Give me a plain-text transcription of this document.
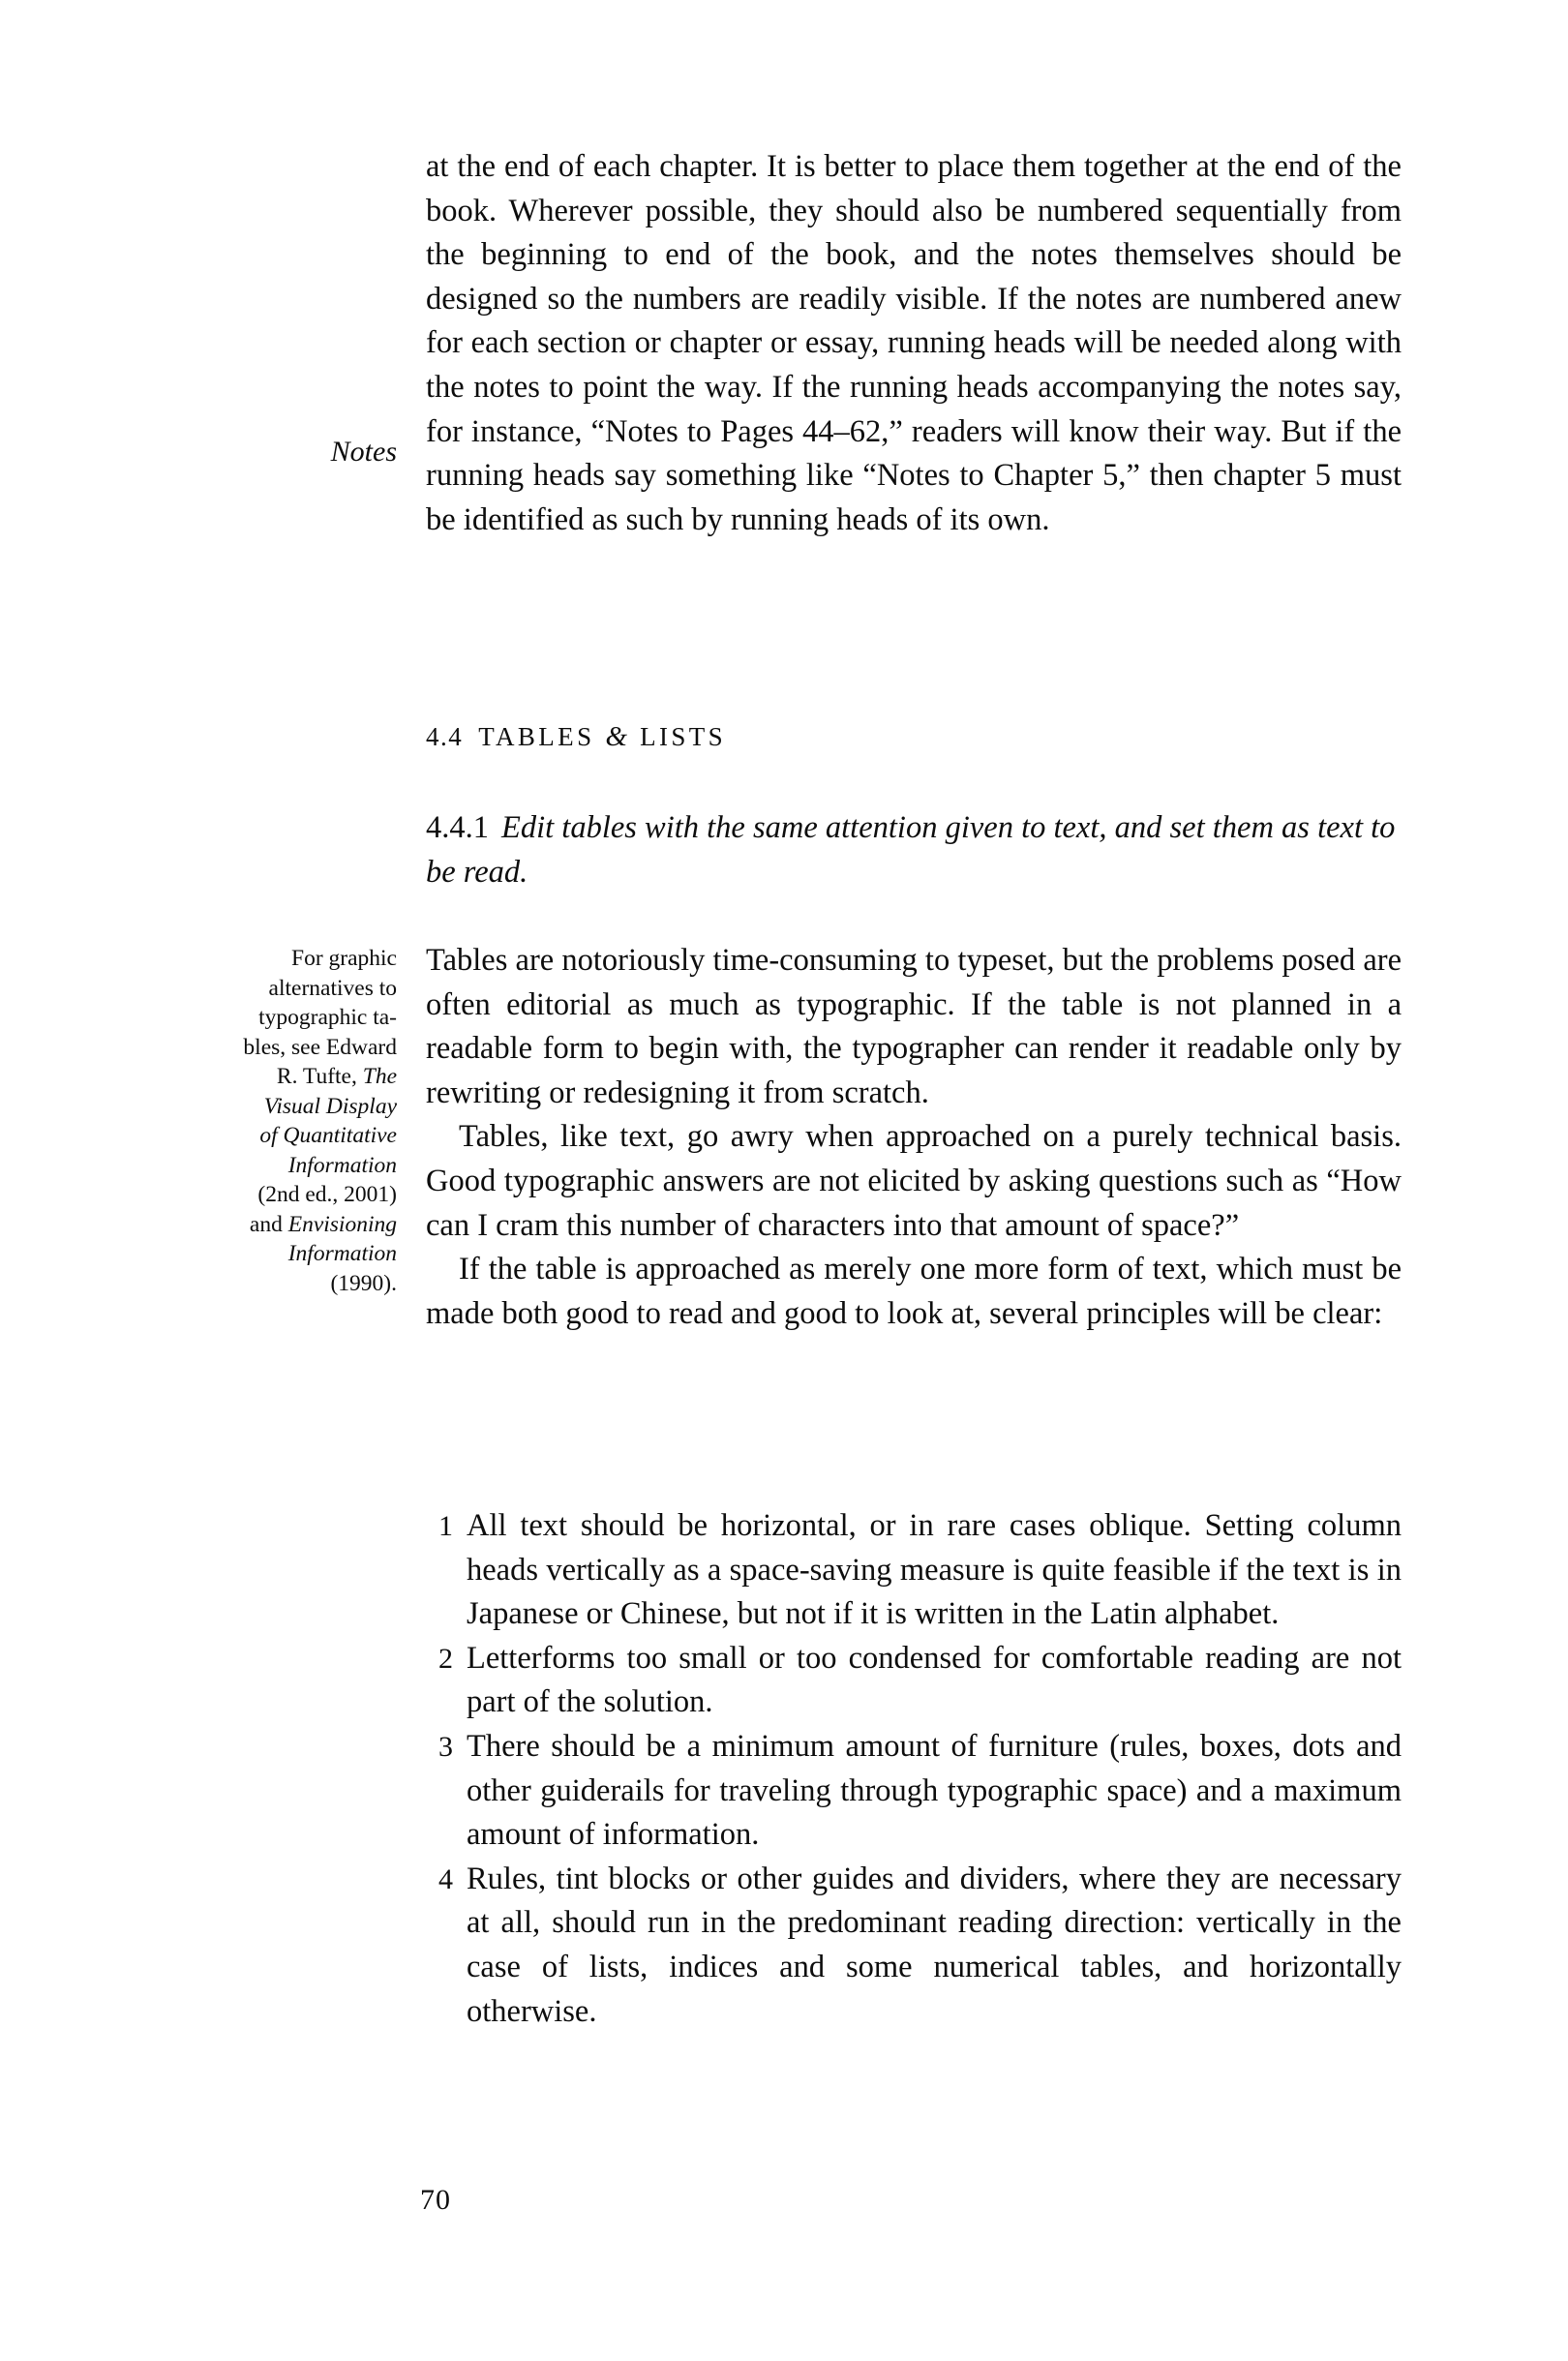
Notes

at the end of each chapter. It is better to place them together at the end of the book. Wherever possible, they should also be numbered sequentially from the beginning to end of the book, and the notes themselves should be designed so the numbers are readily visible. If the notes are numbered anew for each section or chapter or essay, running heads will be needed along with the notes to point the way. If the running heads accompanying the notes say, for instance, “Notes to Pages 44–62,” readers will know their way. But if the running heads say something like “Notes to Chapter 5,” then chapter 5 must be identified as such by running heads of its own.

4.4 TABLES & LISTS
4.4.1 Edit tables with the same attention given to text, and set them as text to be read.

For graphic

alternatives to

typographic ta-

bles, see Edward

R. Tufte, The

Visual Display

of Quantitative

Information

(2nd ed., 2001)

and Envisioning

Information

(1990).

Tables are notoriously time-consuming to typeset, but the problems posed are often editorial as much as typographic. If the table is not planned in a readable form to begin with, the typographer can render it readable only by rewriting or redesigning it from scratch.

Tables, like text, go awry when approached on a purely technical basis. Good typographic answers are not elicited by asking questions such as “How can I cram this number of characters into that amount of space?”

If the table is approached as merely one more form of text, which must be made both good to read and good to look at, several principles will be clear:

1 All text should be horizontal, or in rare cases oblique. Setting column heads vertically as a space-saving measure is quite feasible if the text is in Japanese or Chinese, but not if it is written in the Latin alphabet.
2 Letterforms too small or too condensed for comfortable reading are not part of the solution.
3 There should be a minimum amount of furniture (rules, boxes, dots and other guiderails for traveling through typographic space) and a maximum amount of information.
4 Rules, tint blocks or other guides and dividers, where they are necessary at all, should run in the predominant reading direction: vertically in the case of lists, indices and some numerical tables, and horizontally otherwise.

70
